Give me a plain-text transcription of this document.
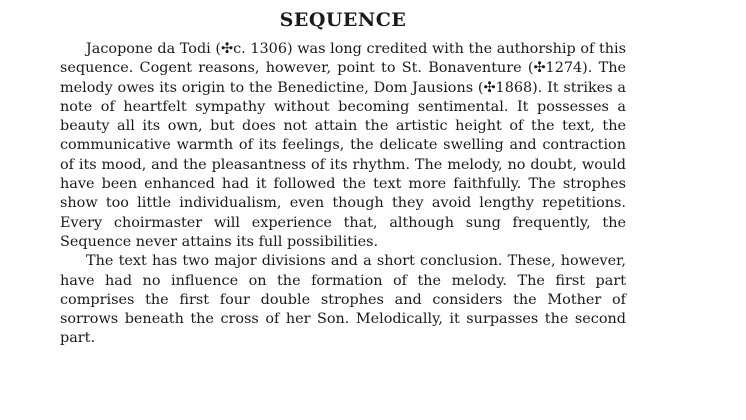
SEQUENCE

Jacopone da Todi (✣c. 1306) was long credited with the authorship of this sequence. Cogent reasons, however, point to St. Bonaventure (✣1274). The melody owes its origin to the Benedictine, Dom Jausions (✣1868). It strikes a note of heartfelt sympathy without becoming sentimental. It possesses a beauty all its own, but does not attain the artistic height of the text, the communicative warmth of its feelings, the delicate swelling and contraction of its mood, and the pleasantness of its rhythm. The melody, no doubt, would have been enhanced had it followed the text more faithfully. The strophes show too little individualism, even though they avoid lengthy repetitions. Every choirmaster will experience that, although sung frequently, the Sequence never attains its full possibilities.

The text has two major divisions and a short conclusion. These, however, have had no influence on the formation of the melody. The first part comprises the first four double strophes and considers the Mother of sorrows beneath the cross of her Son. Melodically, it surpasses the second part.
